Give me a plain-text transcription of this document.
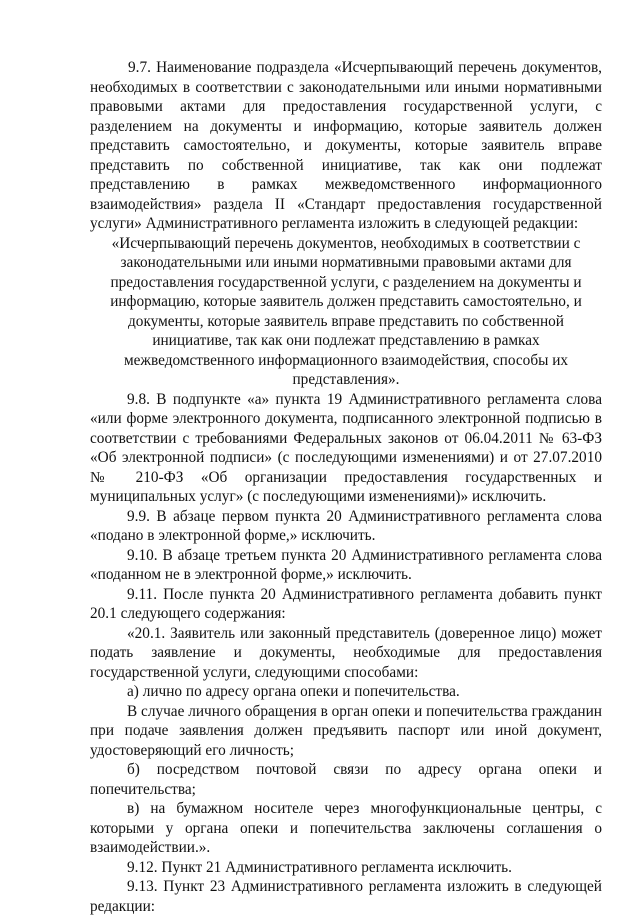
9.7. Наименование подраздела «Исчерпывающий перечень документов, необходимых в соответствии с законодательными или иными нормативными правовыми актами для предоставления государственной услуги, с разделением на документы и информацию, которые заявитель должен представить самостоятельно, и документы, которые заявитель вправе представить по собственной инициативе, так как они подлежат представлению в рамках межведомственного информационного взаимодействия» раздела II «Стандарт предоставления государственной услуги» Административного регламента изложить в следующей редакции:

«Исчерпывающий перечень документов, необходимых в соответствии с законодательными или иными нормативными правовыми актами для предоставления государственной услуги, с разделением на документы и информацию, которые заявитель должен представить самостоятельно, и документы, которые заявитель вправе представить по собственной инициативе, так как они подлежат представлению в рамках межведомственного информационного взаимодействия, способы их представления».

9.8. В подпункте «а» пункта 19 Административного регламента слова «или форме электронного документа, подписанного электронной подписью в соответствии с требованиями Федеральных законов от 06.04.2011 № 63-ФЗ «Об электронной подписи» (с последующими изменениями) и от 27.07.2010 № 210-ФЗ «Об организации предоставления государственных и муниципальных услуг» (с последующими изменениями)» исключить.

9.9. В абзаце первом пункта 20 Административного регламента слова «подано в электронной форме,» исключить.

9.10. В абзаце третьем пункта 20 Административного регламента слова «поданном не в электронной форме,» исключить.

9.11. После пункта 20 Административного регламента добавить пункт 20.1 следующего содержания:

«20.1. Заявитель или законный представитель (доверенное лицо) может подать заявление и документы, необходимые для предоставления государственной услуги, следующими способами:

а) лично по адресу органа опеки и попечительства.

В случае личного обращения в орган опеки и попечительства гражданин при подаче заявления должен предъявить паспорт или иной документ, удостоверяющий его личность;

б) посредством почтовой связи по адресу органа опеки и попечительства;

в) на бумажном носителе через многофункциональные центры, с которыми у органа опеки и попечительства заключены соглашения о взаимодействии.».

9.12. Пункт 21 Административного регламента исключить.

9.13. Пункт 23 Административного регламента изложить в следующей редакции:
